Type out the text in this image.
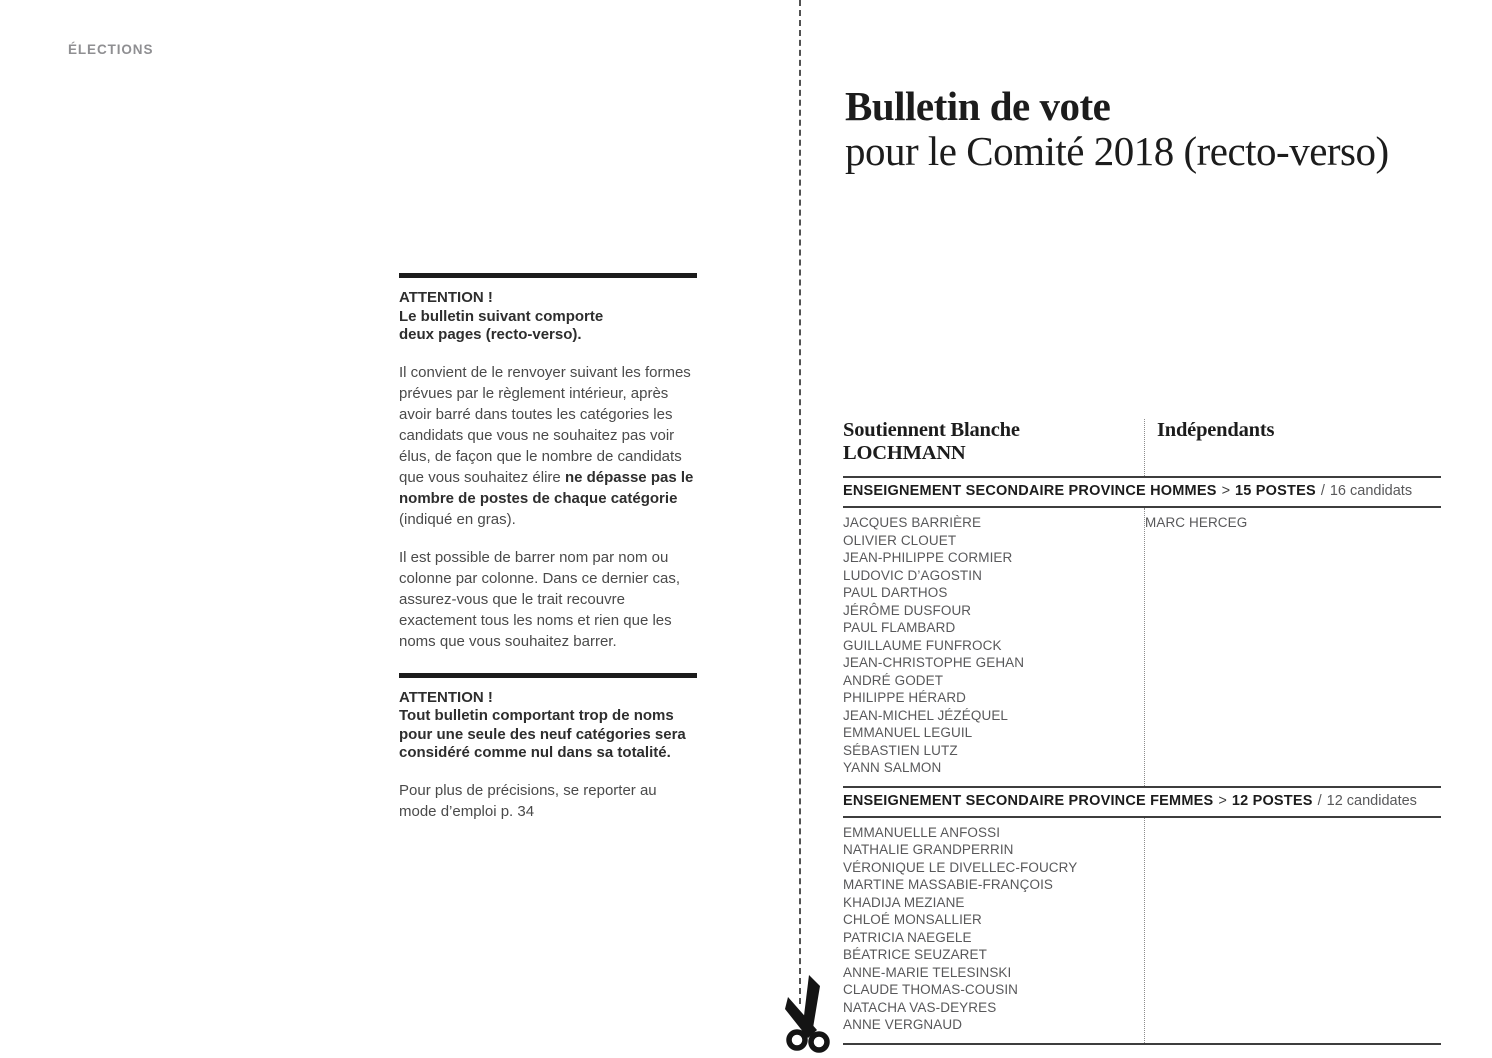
ÉLECTIONS
ATTENTION !
Le bulletin suivant comporte
deux pages (recto-verso).
Il convient de le renvoyer suivant les formes prévues par le règlement intérieur, après avoir barré dans toutes les catégories les candidats que vous ne souhaitez pas voir élus, de façon que le nombre de candidats que vous souhaitez élire ne dépasse pas le nombre de postes de chaque catégorie (indiqué en gras).
Il est possible de barrer nom par nom ou colonne par colonne. Dans ce dernier cas, assurez-vous que le trait recouvre exactement tous les noms et rien que les noms que vous souhaitez barrer.
ATTENTION !
Tout bulletin comportant trop de noms pour une seule des neuf catégories sera considéré comme nul dans sa totalité.
Pour plus de précisions, se reporter au mode d’emploi p. 34
Bulletin de vote
pour le Comité 2018 (recto-verso)
Soutiennent Blanche LOCHMANN
Indépendants
ENSEIGNEMENT SECONDAIRE PROVINCE HOMMES > 15 POSTES / 16 candidats
JACQUES BARRIÈRE
OLIVIER CLOUET
JEAN-PHILIPPE CORMIER
LUDOVIC D’AGOSTIN
PAUL DARTHOS
JÉRÔME DUSFOUR
PAUL FLAMBARD
GUILLAUME FUNFROCK
JEAN-CHRISTOPHE GEHAN
ANDRÉ GODET
PHILIPPE HÉRARD
JEAN-MICHEL JÉZÉQUEL
EMMANUEL LEGUIL
SÉBASTIEN LUTZ
YANN SALMON
MARC HERCEG
ENSEIGNEMENT SECONDAIRE PROVINCE FEMMES > 12 POSTES / 12 candidates
EMMANUELLE ANFOSSI
NATHALIE GRANDPERRIN
VÉRONIQUE LE DIVELLEC-FOUCRY
MARTINE MASSABIE-FRANÇOIS
KHADIJA MEZIANE
CHLOÉ MONSALLIER
PATRICIA NAEGELE
BÉATRICE SEUZARET
ANNE-MARIE TELESINSKI
CLAUDE THOMAS-COUSIN
NATACHA VAS-DEYRES
ANNE VERGNAUD
